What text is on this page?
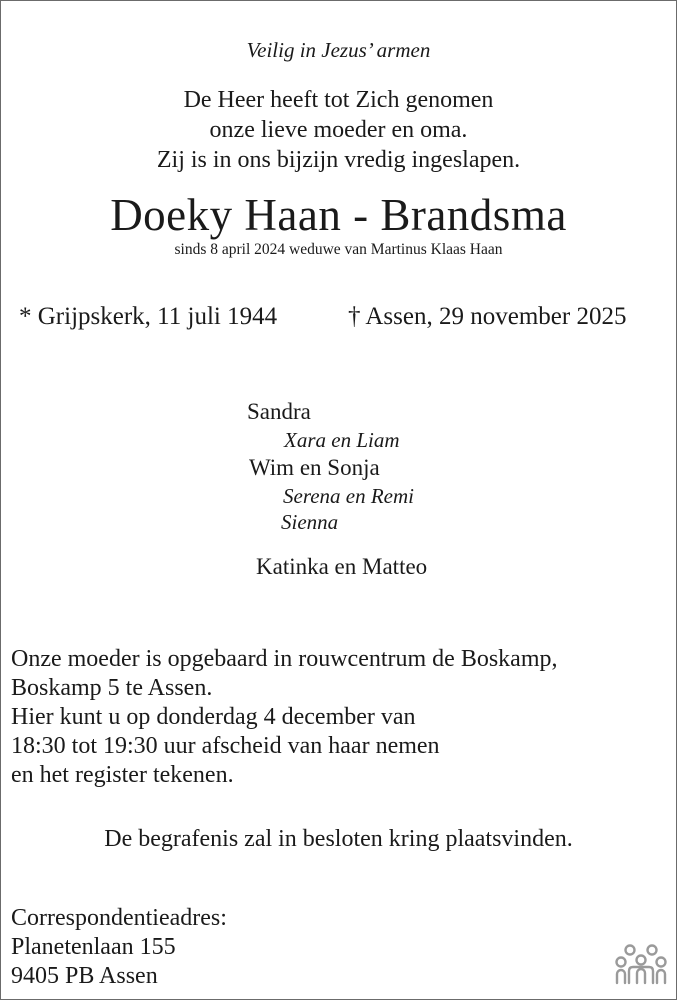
Veilig in Jezus’ armen
De Heer heeft tot Zich genomen
onze lieve moeder en oma.
Zij is in ons bijzijn vredig ingeslapen.
Doeky Haan - Brandsma
sinds 8 april 2024 weduwe van Martinus Klaas Haan
* Grijpskerk, 11 juli 1944	† Assen, 29 november 2025
Sandra
Xara en Liam
Wim en Sonja
Serena en Remi
Sienna
Katinka en Matteo
Onze moeder is opgebaard in rouwcentrum de Boskamp,
Boskamp 5 te Assen.
Hier kunt u op donderdag 4 december van
18:30 tot 19:30 uur afscheid van haar nemen
en het register tekenen.
De begrafenis zal in besloten kring plaatsvinden.
Correspondentieadres:
Planetenlaan 155
9405 PB Assen
